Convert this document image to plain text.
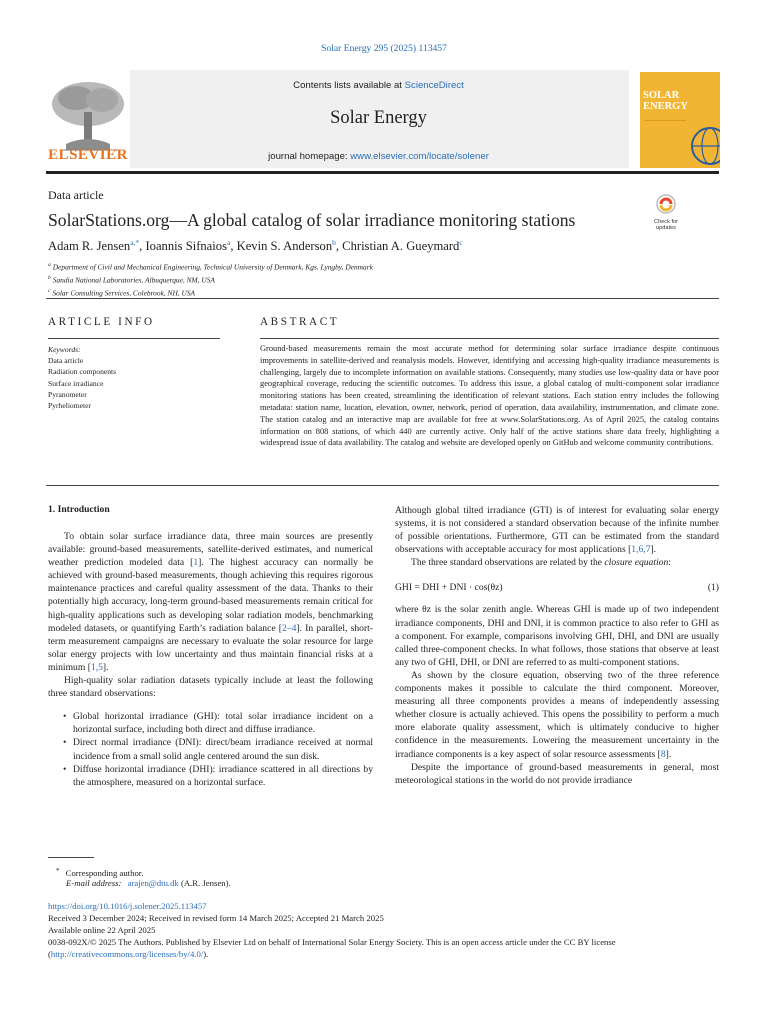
Solar Energy 295 (2025) 113457
ELSEVIER
Contents lists available at ScienceDirect
Solar Energy
journal homepage: www.elsevier.com/locate/solener
SOLAR
ENERGY
Data article
SolarStations.org—A global catalog of solar irradiance monitoring stations	Check for
updates
Adam R. Jensen$^{a,*}$, Ioannis Sifnaios$^a$, Kevin S. Anderson$^b$, Christian A. Gueymard$^c$
$^a$ Department of Civil and Mechanical Engineering, Technical University of Denmark, Kgs. Lyngby, Denmark
$^b$ Sandia National Laboratories, Albuquerque, NM, USA
$^c$ Solar Consulting Services, Colebrook, NH, USA
ARTICLE INFO
Keywords:
Data article
Radiation components
Surface irradiance
Pyranometer
Pyrheliometer
ABSTRACT
Ground-based measurements remain the most accurate method for determining solar surface irradiance despite continuous improvements in satellite-derived and reanalysis models. However, identifying and accessing high-quality irradiance measurements is challenging, largely due to incomplete information on available stations. Consequently, many studies use low-quality data or have poor geographical coverage, reducing the scientific outcomes. To address this issue, a global catalog of multi-component solar irradiance monitoring stations has been created, streamlining the identification of relevant stations. Each station entry includes the following metadata: station name, location, elevation, owner, network, period of operation, data availability, instrumentation, and climate zone. The station catalog and an interactive map are available for free at www.SolarStations.org. As of April 2025, the catalog contains information on 808 stations, of which 440 are currently active. Only half of the active stations share data freely, highlighting a widespread issue of data availability. The catalog and website are developed openly on GitHub and welcome community contributions.
1. Introduction

To obtain solar surface irradiance data, three main sources are presently available: ground-based measurements, satellite-derived estimates, and numerical weather prediction modeled data [1]. The highest accuracy can normally be achieved with ground-based measurements, though achieving this requires rigorous maintenance practices and careful quality assessment of the data. Thanks to their potentially high accuracy, long-term ground-based measurements remain critical for high-quality applications such as developing solar radiation models, benchmarking modeled datasets, or quantifying Earth’s radiation balance [2–4]. In parallel, short-term measurement campaigns are necessary to evaluate the solar resource for large solar energy projects with low uncertainty and thus maintain financial risks at a minimum [1,5].

High-quality solar radiation datasets typically include at least the following three standard observations:

• Global horizontal irradiance (GHI): total solar irradiance incident on a horizontal surface, including both direct and diffuse irradiance.
• Direct normal irradiance (DNI): direct/beam irradiance received at normal incidence from a small solid angle centered around the sun disk.
• Diffuse horizontal irradiance (DHI): irradiance scattered in all directions by the atmosphere, measured on a horizontal surface.

Although global tilted irradiance (GTI) is of interest for evaluating solar energy systems, it is not considered a standard observation because of the infinite number of possible orientations. Furthermore, GTI can be estimated from the standard observations with acceptable accuracy for most applications [1,6,7].

The three standard observations are related by the closure equation:

GHI = DHI + DNI · cos(θz)	(1)

where θz is the solar zenith angle. Whereas GHI is made up of two independent irradiance components, DHI and DNI, it is common practice to also refer to GHI as a component. For example, comparisons involving GHI, DHI, and DNI are usually called three-component checks. In what follows, those stations that observe at least any two of GHI, DHI, or DNI are referred to as multi-component stations.

As shown by the closure equation, observing two of the three reference components makes it possible to calculate the third component. Moreover, measuring all three components provides a means of independently assessing whether closure is actually achieved. This opens the possibility to perform a much more elaborate quality assessment, which is ultimately conducive to higher confidence in the measurements. Lowering the measurement uncertainty in the irradiance components is a key aspect of solar resource assessments [8].

Despite the importance of ground-based measurements in general, most meteorological stations in the world do not provide irradiance

* Corresponding author.
E-mail address: arajen@dtu.dk (A.R. Jensen).
https://doi.org/10.1016/j.solener.2025.113457
Received 3 December 2024; Received in revised form 14 March 2025; Accepted 21 March 2025
Available online 22 April 2025
0038-092X/© 2025 The Authors. Published by Elsevier Ltd on behalf of International Solar Energy Society. This is an open access article under the CC BY license
(http://creativecommons.org/licenses/by/4.0/).
